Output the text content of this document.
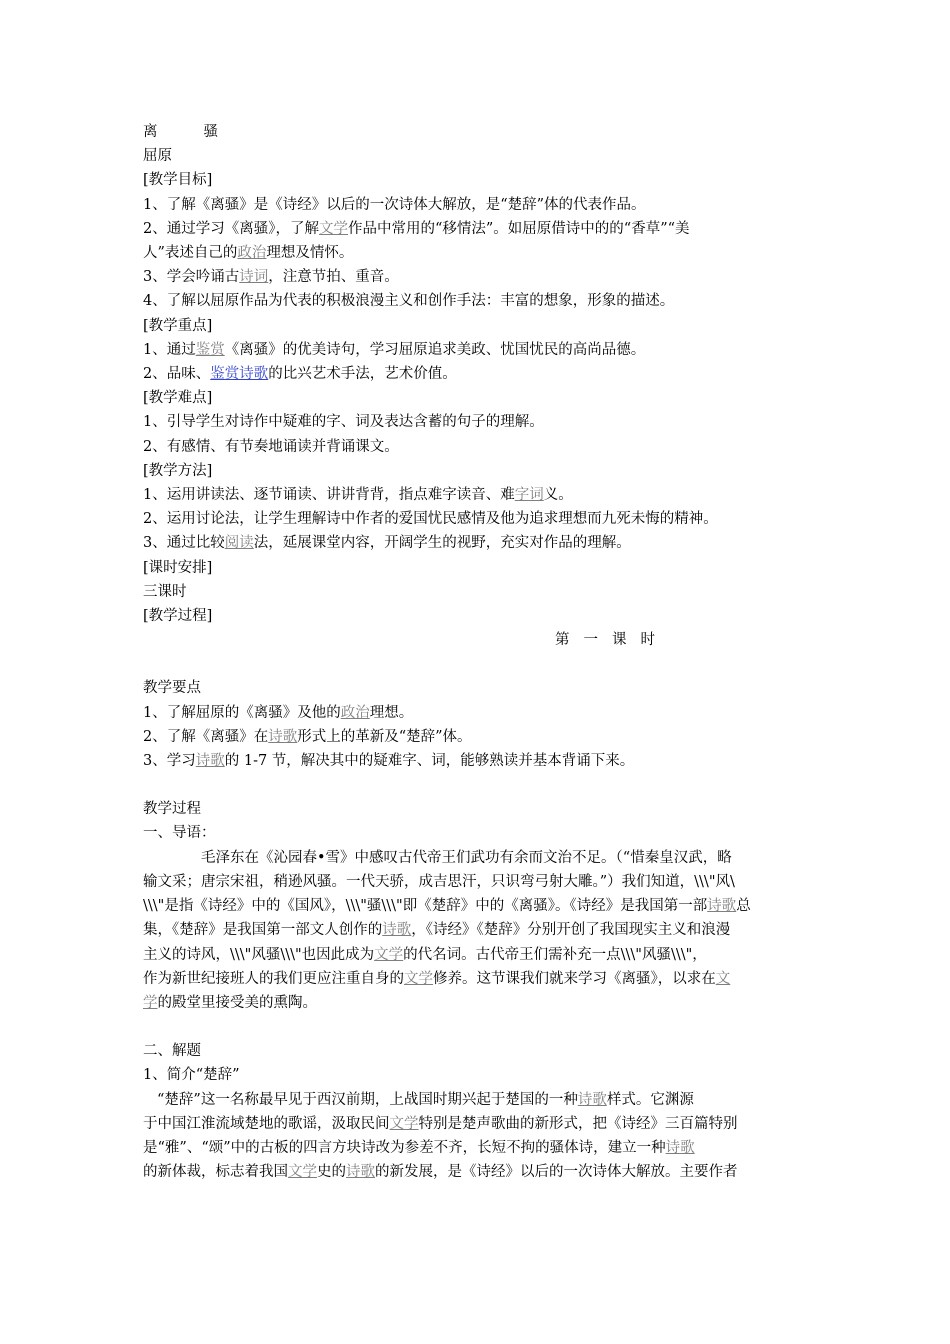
离	骚
屈原
[教学目标]
1、了解《离骚》是《诗经》以后的一次诗体大解放，是“楚辞”体的代表作品。
2、通过学习《离骚》，了解文学作品中常用的“移情法”。如屈原借诗中的的“香草”“美
人”表述自己的政治理想及情怀。
3、学会吟诵古诗词，注意节拍、重音。
4、了解以屈原作品为代表的积极浪漫主义和创作手法：丰富的想象，形象的描述。
[教学重点]
1、通过鉴赏《离骚》的优美诗句，学习屈原追求美政、忧国忧民的高尚品德。
2、品味、鉴赏诗歌的比兴艺术手法，艺术价值。
[教学难点]
1、引导学生对诗作中疑难的字、词及表达含蓄的句子的理解。
2、有感情、有节奏地诵读并背诵课文。
[教学方法]
1、运用讲读法、逐节诵读、讲讲背背，指点难字读音、难字词义。
2、运用讨论法，让学生理解诗中作者的爱国忧民感情及他为追求理想而九死未悔的精神。
3、通过比较阅读法，延展课堂内容，开阔学生的视野，充实对作品的理解。
[课时安排]
三课时
[教学过程]
第一课时
教学要点
1、了解屈原的《离骚》及他的政治理想。
2、了解《离骚》在诗歌形式上的革新及“楚辞”体。
3、学习诗歌的 1-7 节，解决其中的疑难字、词，能够熟读并基本背诵下来。
教学过程
一、导语：
毛泽东在《沁园春•雪》中感叹古代帝王们武功有余而文治不足。（“惜秦皇汉武，略
输文采；唐宗宋祖，稍逊风骚。一代天骄，成吉思汗，只识弯弓射大雕。”）我们知道，\\\"风\
\\\"是指《诗经》中的《国风》，\\\"骚\\\"即《楚辞》中的《离骚》。《诗经》是我国第一部诗歌总
集，《楚辞》是我国第一部文人创作的诗歌，《诗经》《楚辞》分别开创了我国现实主义和浪漫
主义的诗风，\\\"风骚\\\"也因此成为文学的代名词。古代帝王们需补充一点\\\"风骚\\\"，
作为新世纪接班人的我们更应注重自身的文学修养。这节课我们就来学习《离骚》，以求在文
学的殿堂里接受美的熏陶。
二、解题
1、简介“楚辞”
“楚辞”这一名称最早见于西汉前期，上战国时期兴起于楚国的一种诗歌样式。它渊源
于中国江淮流域楚地的歌谣，汲取民间文学特别是楚声歌曲的新形式，把《诗经》三百篇特别
是“雅”、“颂”中的古板的四言方块诗改为参差不齐，长短不拘的骚体诗，建立一种诗歌
的新体裁，标志着我国文学史的诗歌的新发展，是《诗经》以后的一次诗体大解放。主要作者
